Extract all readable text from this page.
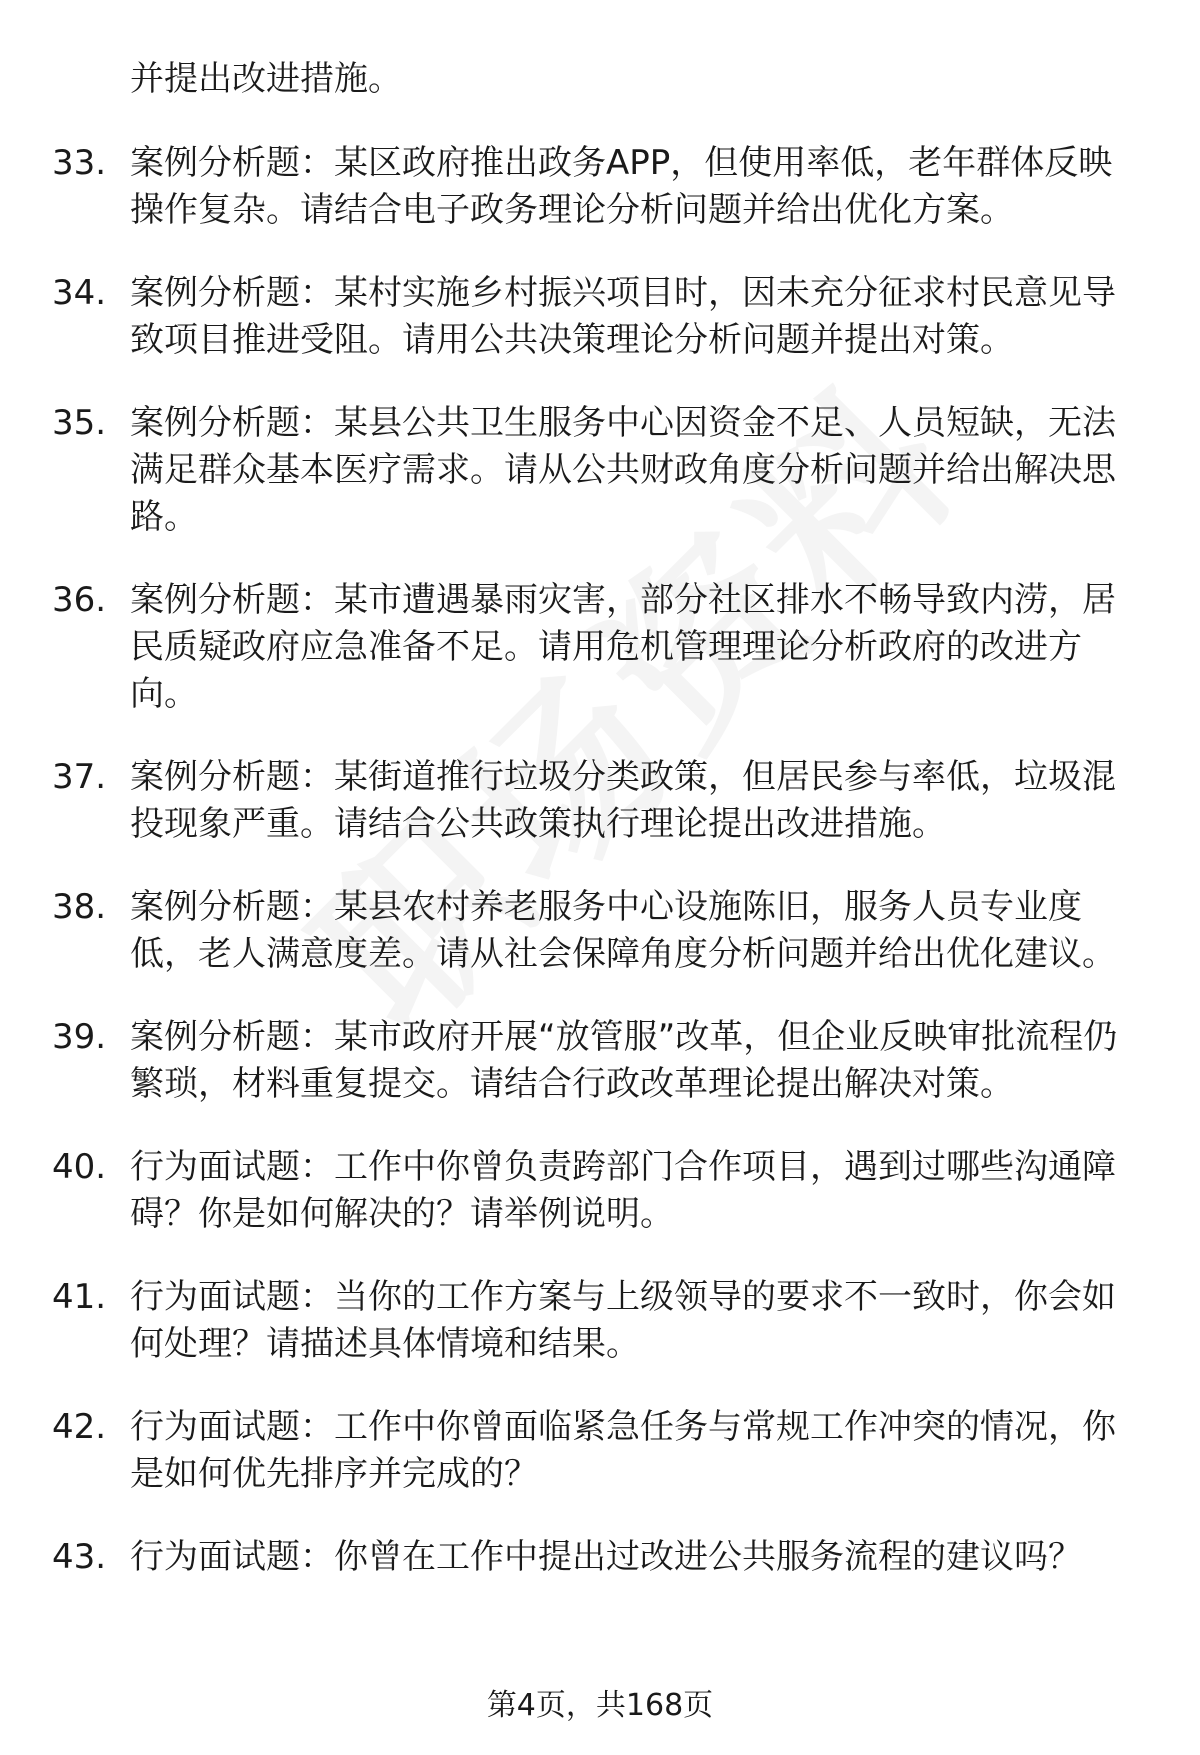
并提出改进措施。

33. 案例分析题：某区政府推出政务APP，但使用率低，老年群体反映操作复杂。请结合电子政务理论分析问题并给出优化方案。
34. 案例分析题：某村实施乡村振兴项目时，因未充分征求村民意见导致项目推进受阻。请用公共决策理论分析问题并提出对策。
35. 案例分析题：某县公共卫生服务中心因资金不足、人员短缺，无法满足群众基本医疗需求。请从公共财政角度分析问题并给出解决思路。
36. 案例分析题：某市遭遇暴雨灾害，部分社区排水不畅导致内涝，居民质疑政府应急准备不足。请用危机管理理论分析政府的改进方向。
37. 案例分析题：某街道推行垃圾分类政策，但居民参与率低，垃圾混投现象严重。请结合公共政策执行理论提出改进措施。
38. 案例分析题：某县农村养老服务中心设施陈旧，服务人员专业度低，老人满意度差。请从社会保障角度分析问题并给出优化建议。
39. 案例分析题：某市政府开展“放管服”改革，但企业反映审批流程仍繁琐，材料重复提交。请结合行政改革理论提出解决对策。
40. 行为面试题：工作中你曾负责跨部门合作项目，遇到过哪些沟通障碍？你是如何解决的？请举例说明。
41. 行为面试题：当你的工作方案与上级领导的要求不一致时，你会如何处理？请描述具体情境和结果。
42. 行为面试题：工作中你曾面临紧急任务与常规工作冲突的情况，你是如何优先排序并完成的？
43. 行为面试题：你曾在工作中提出过改进公共服务流程的建议吗？
第4页，共168页
